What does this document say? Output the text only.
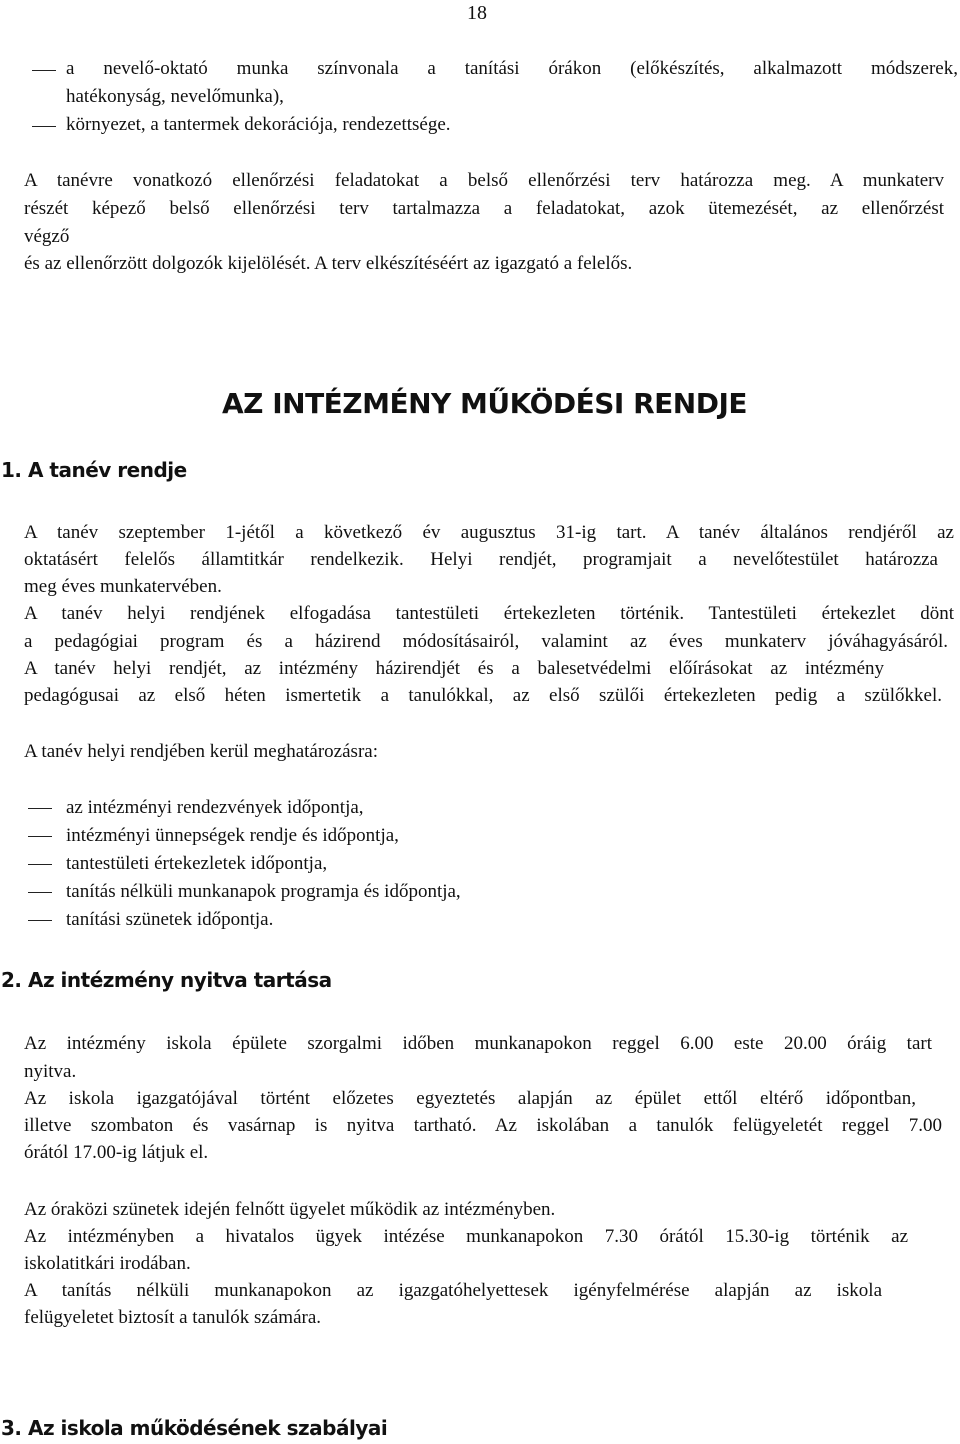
18
a nevelő-oktató munka színvonala a tanítási órákon (előkészítés, alkalmazott módszerek,
hatékonyság, nevelőmunka),
környezet, a tantermek dekorációja, rendezettsége.
A tanévre vonatkozó ellenőrzési feladatokat a belső ellenőrzési terv határozza meg. A munkaterv
részét képező belső ellenőrzési terv tartalmazza a feladatokat, azok ütemezését, az ellenőrzést
végző
és az ellenőrzött dolgozók kijelölését. A terv elkészítéséért az igazgató a felelős.
AZ INTÉZMÉNY MŰKÖDÉSI RENDJE
1. A tanév rendje
A tanév szeptember 1-jétől a következő év augusztus 31-ig tart. A tanév általános rendjéről az
oktatásért felelős államtitkár rendelkezik. Helyi rendjét, programjait a nevelőtestület határozza
meg éves munkatervében.
A tanév helyi rendjének elfogadása tantestületi értekezleten történik. Tantestületi értekezlet dönt
a pedagógiai program és a házirend módosításairól, valamint az éves munkaterv jóváhagyásáról.
A tanév helyi rendjét, az intézmény házirendjét és a balesetvédelmi előírásokat az intézmény
pedagógusai az első héten ismertetik a tanulókkal, az első szülői értekezleten pedig a szülőkkel.
A tanév helyi rendjében kerül meghatározásra:
az intézményi rendezvények időpontja,
intézményi ünnepségek rendje és időpontja,
tantestületi értekezletek időpontja,
tanítás nélküli munkanapok programja és időpontja,
tanítási szünetek időpontja.
2. Az intézmény nyitva tartása
Az intézmény iskola épülete szorgalmi időben munkanapokon reggel 6.00 este 20.00 óráig tart
nyitva.
Az iskola igazgatójával történt előzetes egyeztetés alapján az épület ettől eltérő időpontban,
illetve szombaton és vasárnap is nyitva tartható. Az iskolában a tanulók felügyeletét reggel 7.00
órától 17.00-ig látjuk el.
Az óraközi szünetek idején felnőtt ügyelet működik az intézményben.
Az intézményben a hivatalos ügyek intézése munkanapokon 7.30 órától 15.30-ig történik az
iskolatitkári irodában.
A tanítás nélküli munkanapokon az igazgatóhelyettesek igényfelmérése alapján az iskola
felügyeletet biztosít a tanulók számára.
3. Az iskola működésének szabályai
